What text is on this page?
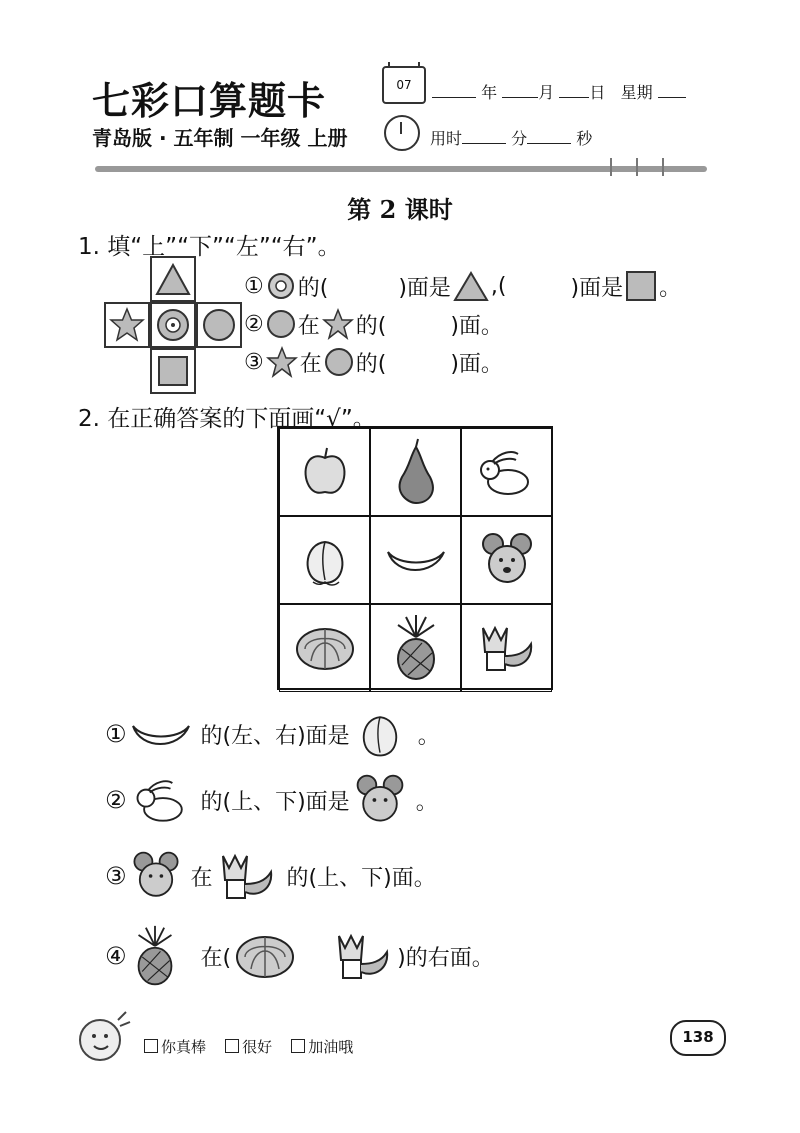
七彩口算题卡
青岛版 · 五年制 一年级 上册
07	年	月 日 星期
用时	分	秒
第 2 课时
1. 填“上”“下”“左”“右”。
① 的(	)面是 ,(	)面是 。
② 在 的(	)面。
③ 在 的(	)面。
2. 在正确答案的下面画“√”。
①	的(左、右)面是	。
②	的(上、下)面是	。
③	在	的(上、下)面。
④	在(	)的右面。
你真棒 很好 加油哦
138
